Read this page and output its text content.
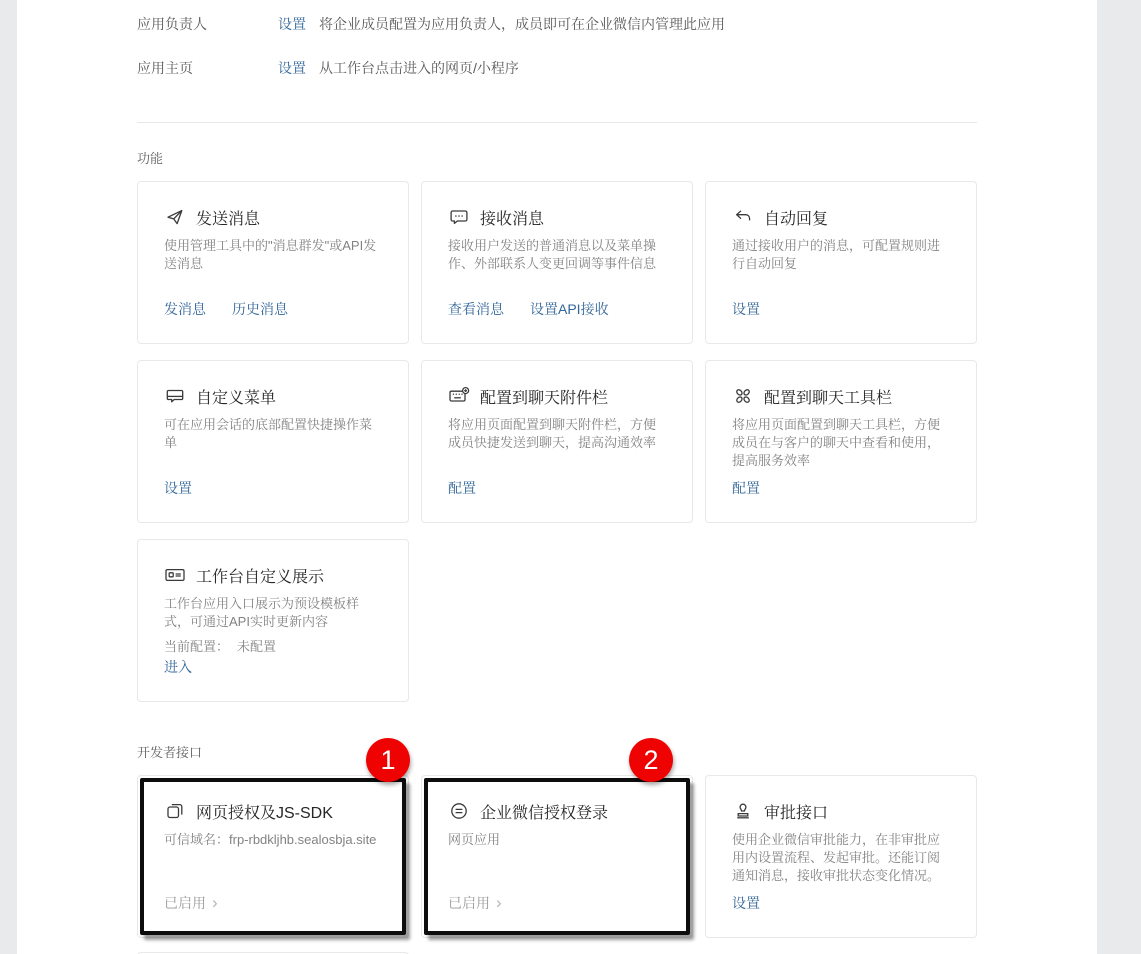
应用负责人	设置 将企业成员配置为应用负责人，成员即可在企业微信内管理此应用
应用主页	设置 从工作台点击进入的网页/小程序
功能
发送消息
使用管理工具中的"消息群发"或API发送消息
发消息 历史消息
接收消息
接收用户发送的普通消息以及菜单操作、外部联系人变更回调等事件信息
查看消息 设置API接收
自动回复
通过接收用户的消息，可配置规则进行自动回复
设置
自定义菜单
可在应用会话的底部配置快捷操作菜单
设置
配置到聊天附件栏
将应用页面配置到聊天附件栏，方便成员快捷发送到聊天，提高沟通效率
配置
配置到聊天工具栏
将应用页面配置到聊天工具栏，方便成员在与客户的聊天中查看和使用，提高服务效率
配置
工作台自定义展示
工作台应用入口展示为预设模板样式，可通过API实时更新内容
当前配置： 未配置
进入
开发者接口	1
网页授权及JS-SDK
可信域名：frp-rbdkljhb.sealosbja.site
已启用 ›
2
企业微信授权登录
网页应用
已启用 ›
审批接口
使用企业微信审批能力，在非审批应用内设置流程、发起审批。还能订阅通知消息，接收审批状态变化情况。
设置
